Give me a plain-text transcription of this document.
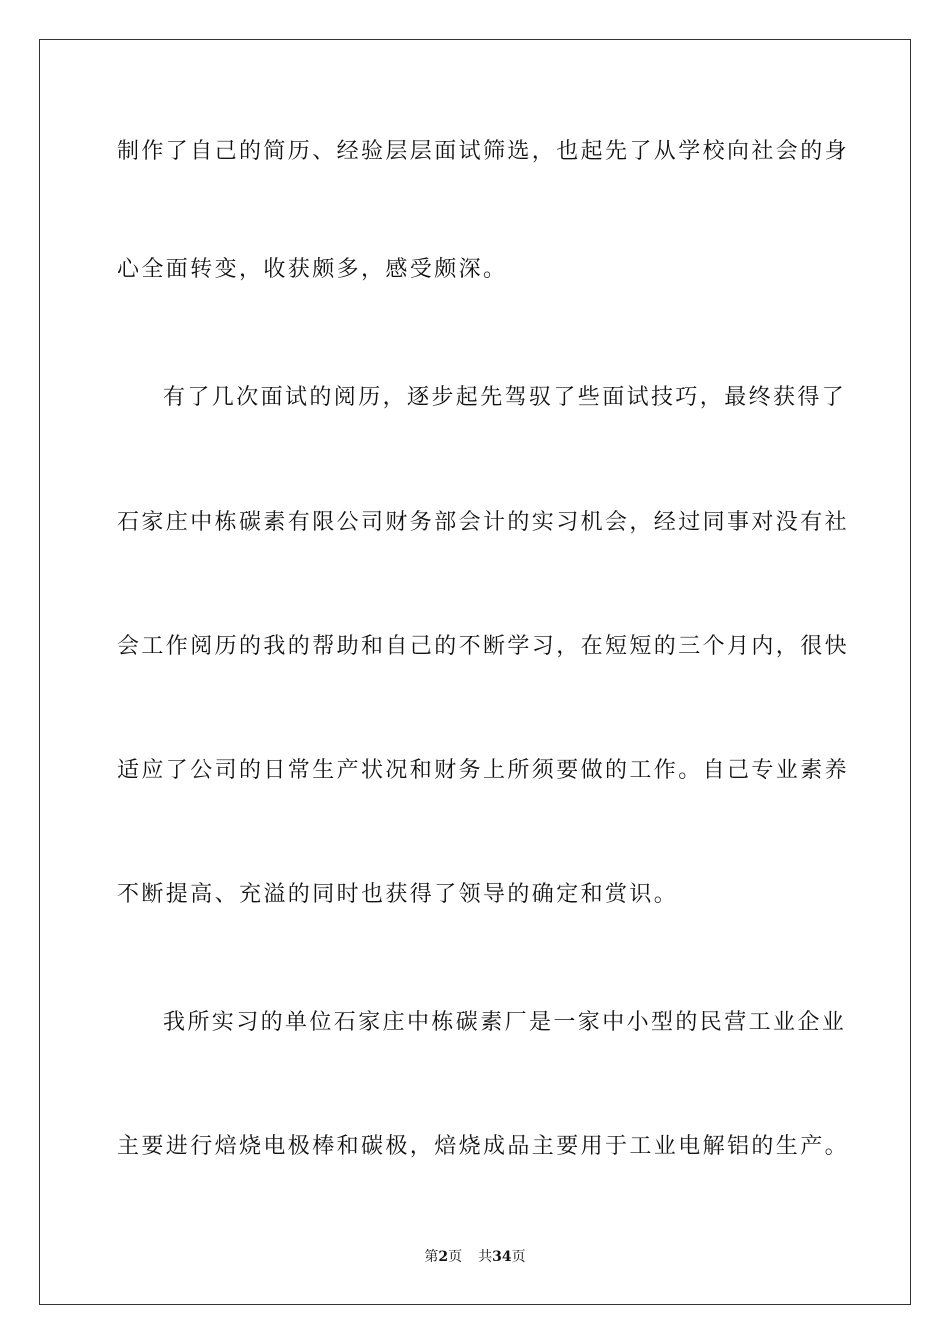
制作了自己的简历、经验层层面试筛选，也起先了从学校向社会的身
心全面转变，收获颇多，感受颇深。
有了几次面试的阅历，逐步起先驾驭了些面试技巧，最终获得了
石家庄中栋碳素有限公司财务部会计的实习机会，经过同事对没有社
会工作阅历的我的帮助和自己的不断学习，在短短的三个月内，很快
适应了公司的日常生产状况和财务上所须要做的工作。自己专业素养
不断提高、充溢的同时也获得了领导的确定和赏识。
我所实习的单位石家庄中栋碳素厂是一家中小型的民营工业企业
主要进行焙烧电极棒和碳极，焙烧成品主要用于工业电解铝的生产。
第2页 共34页
